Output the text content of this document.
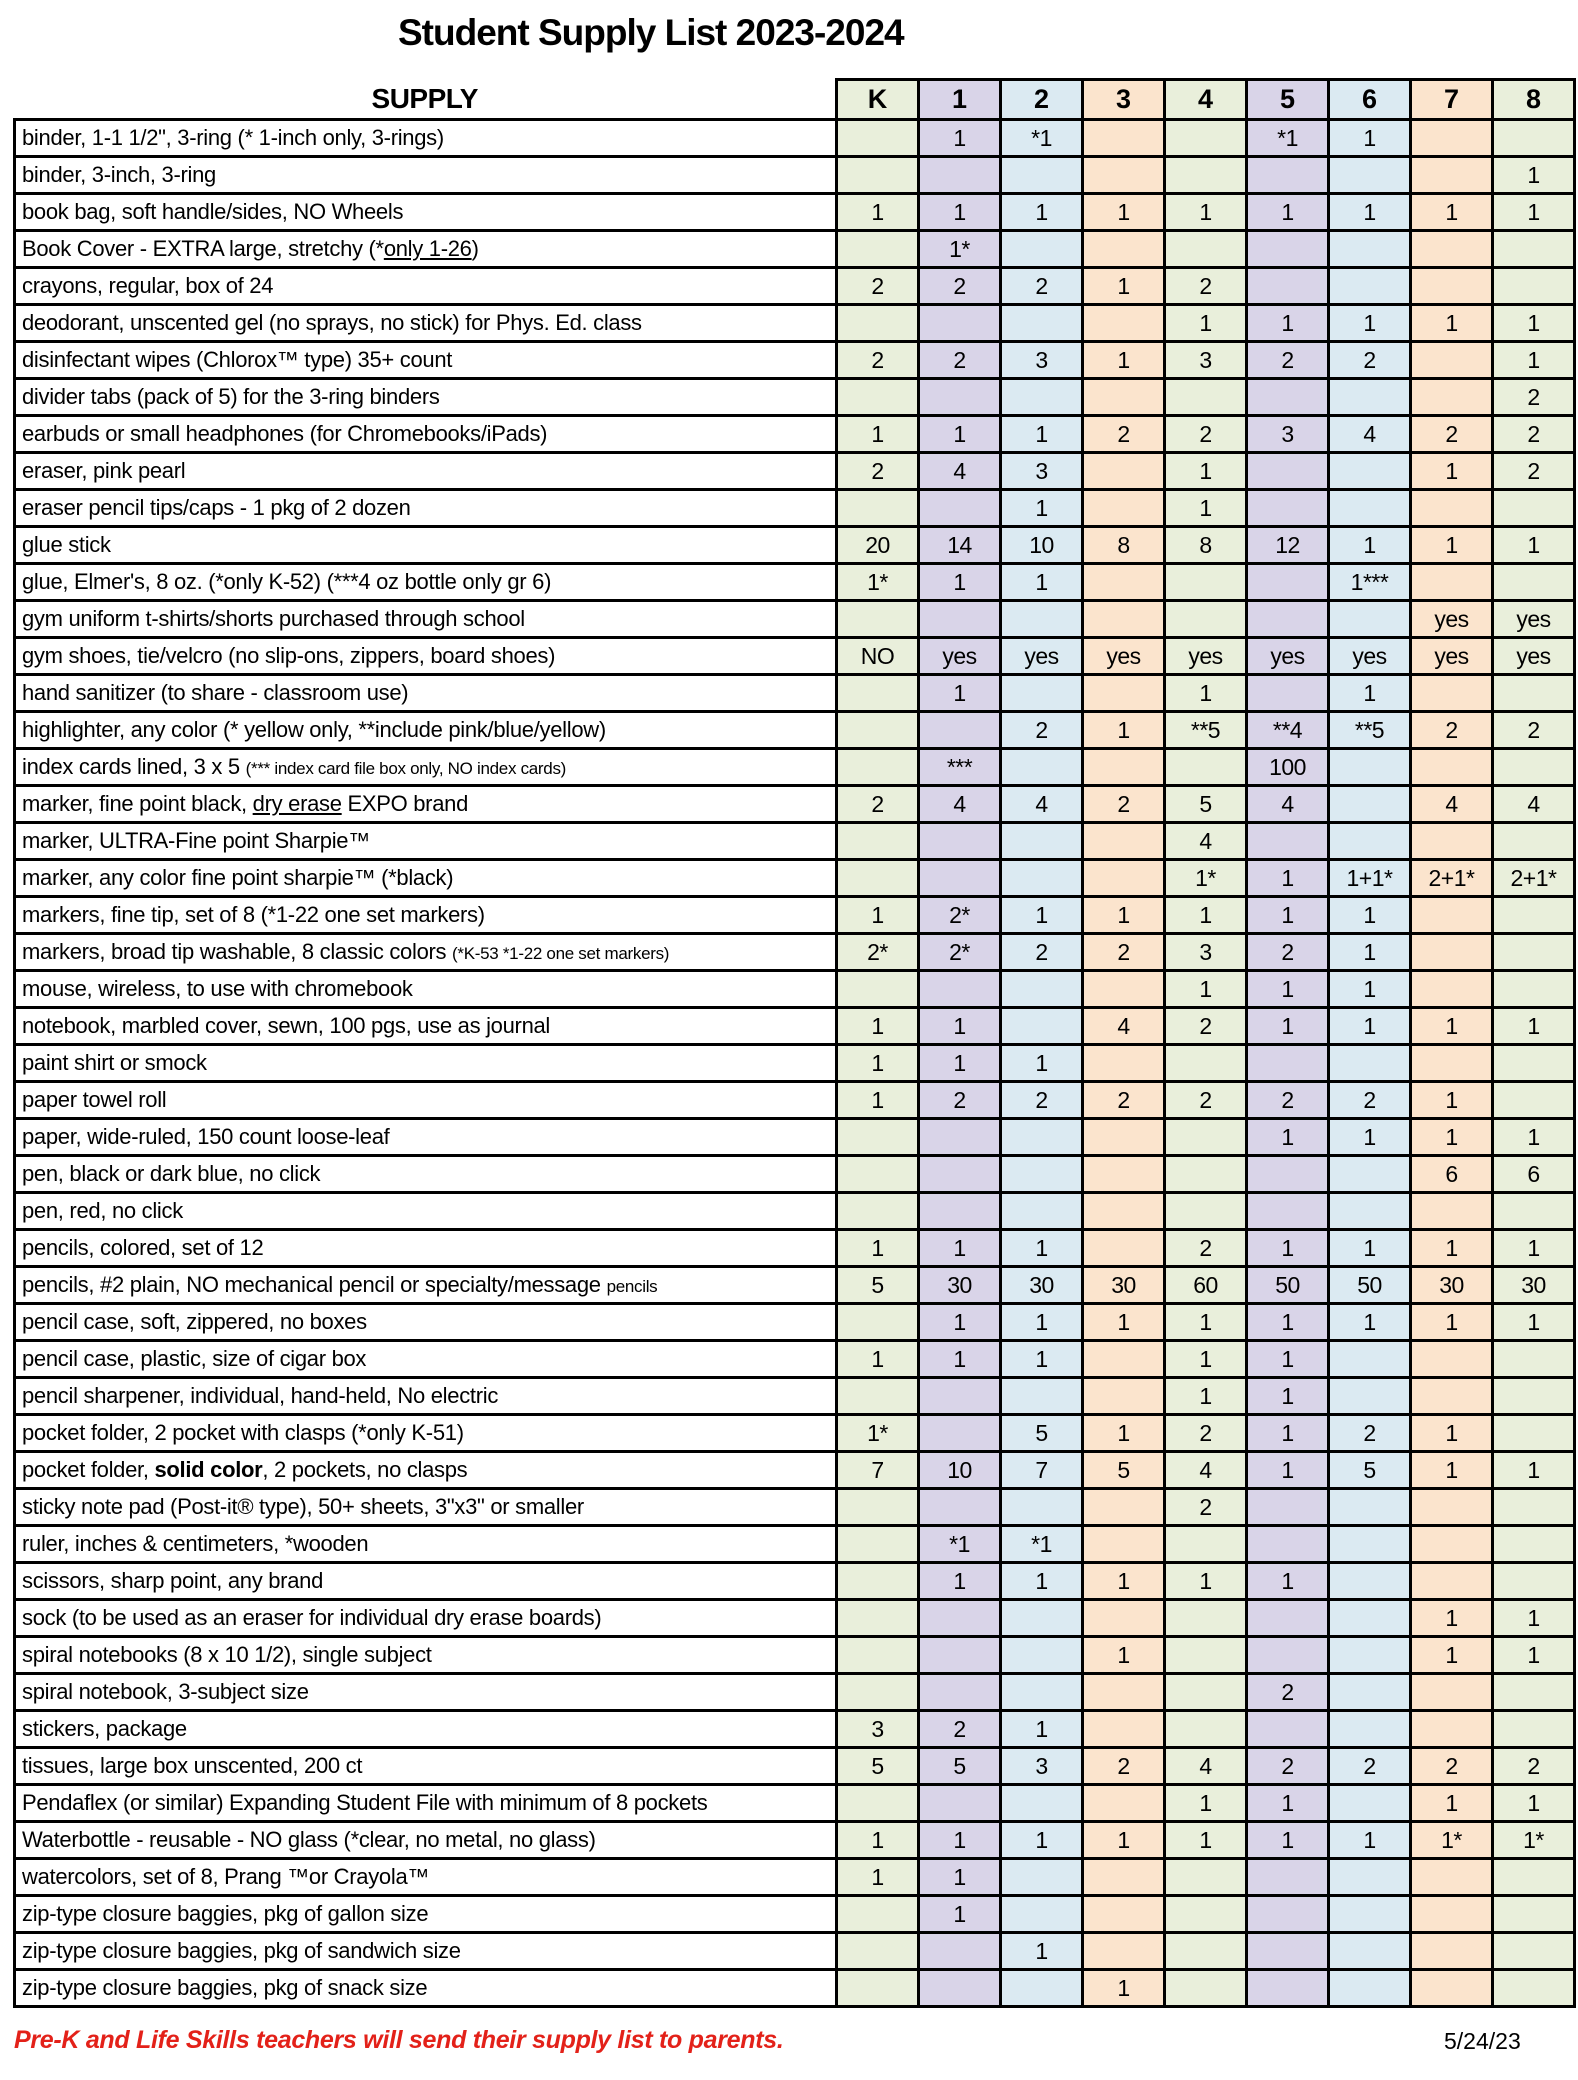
Student Supply List 2023-2024
SUPPLY	K	1	2	3	4	5	6	7	8
binder, 1-1 1/2", 3-ring (* 1-inch only, 3-rings)		1	*1			*1	1		
binder, 3-inch, 3-ring									1
book bag, soft handle/sides, NO Wheels	1	1	1	1	1	1	1	1	1
Book Cover - EXTRA large, stretchy (*only 1-26)		1*							
crayons, regular, box of 24	2	2	2	1	2				
deodorant, unscented gel (no sprays, no stick) for Phys. Ed. class					1	1	1	1	1
disinfectant wipes (Chlorox™ type) 35+ count	2	2	3	1	3	2	2		1
divider tabs (pack of 5) for the 3-ring binders									2
earbuds or small headphones (for Chromebooks/iPads)	1	1	1	2	2	3	4	2	2
eraser, pink pearl	2	4	3		1			1	2
eraser pencil tips/caps - 1 pkg of 2 dozen			1		1				
glue stick	20	14	10	8	8	12	1	1	1
glue, Elmer's, 8 oz. (*only K-52) (***4 oz bottle only gr 6)	1*	1	1				1***		
gym uniform t-shirts/shorts purchased through school								yes	yes
gym shoes, tie/velcro (no slip-ons, zippers, board shoes)	NO	yes	yes	yes	yes	yes	yes	yes	yes
hand sanitizer (to share - classroom use)		1			1		1		
highlighter, any color (* yellow only, **include pink/blue/yellow)			2	1	**5	**4	**5	2	2
index cards lined, 3 x 5 (*** index card file box only, NO index cards)		***				100			
marker, fine point black, dry erase EXPO brand	2	4	4	2	5	4		4	4
marker, ULTRA-Fine point Sharpie™					4				
marker, any color fine point sharpie™ (*black)					1*	1	1+1*	2+1*	2+1*
markers, fine tip, set of 8 (*1-22 one set markers)	1	2*	1	1	1	1	1		
markers, broad tip washable, 8 classic colors (*K-53 *1-22 one set markers)	2*	2*	2	2	3	2	1		
mouse, wireless, to use with chromebook					1	1	1		
notebook, marbled cover, sewn, 100 pgs, use as journal	1	1		4	2	1	1	1	1
paint shirt or smock	1	1	1						
paper towel roll	1	2	2	2	2	2	2	1	
paper, wide-ruled, 150 count loose-leaf						1	1	1	1
pen, black or dark blue, no click								6	6
pen, red, no click									
pencils, colored, set of 12	1	1	1		2	1	1	1	1
pencils, #2 plain, NO mechanical pencil or specialty/message pencils	5	30	30	30	60	50	50	30	30
pencil case, soft, zippered, no boxes		1	1	1	1	1	1	1	1
pencil case, plastic, size of cigar box	1	1	1		1	1			
pencil sharpener, individual, hand-held, No electric					1	1			
pocket folder, 2 pocket with clasps (*only K-51)	1*		5	1	2	1	2	1	
pocket folder, solid color, 2 pockets, no clasps	7	10	7	5	4	1	5	1	1
sticky note pad (Post-it® type), 50+ sheets, 3"x3" or smaller					2				
ruler, inches & centimeters, *wooden		*1	*1						
scissors, sharp point, any brand		1	1	1	1	1			
sock (to be used as an eraser for individual dry erase boards)								1	1
spiral notebooks (8 x 10 1/2), single subject				1				1	1
spiral notebook, 3-subject size						2			
stickers, package	3	2	1						
tissues, large box unscented, 200 ct	5	5	3	2	4	2	2	2	2
Pendaflex (or similar) Expanding Student File with minimum of 8 pockets					1	1		1	1
Waterbottle - reusable - NO glass (*clear, no metal, no glass)	1	1	1	1	1	1	1	1*	1*
watercolors, set of 8, Prang ™or Crayola™	1	1							
zip-type closure baggies, pkg of gallon size		1							
zip-type closure baggies, pkg of sandwich size			1						
zip-type closure baggies, pkg of snack size				1					
Pre-K and Life Skills teachers will send their supply list to parents.	5/24/23
